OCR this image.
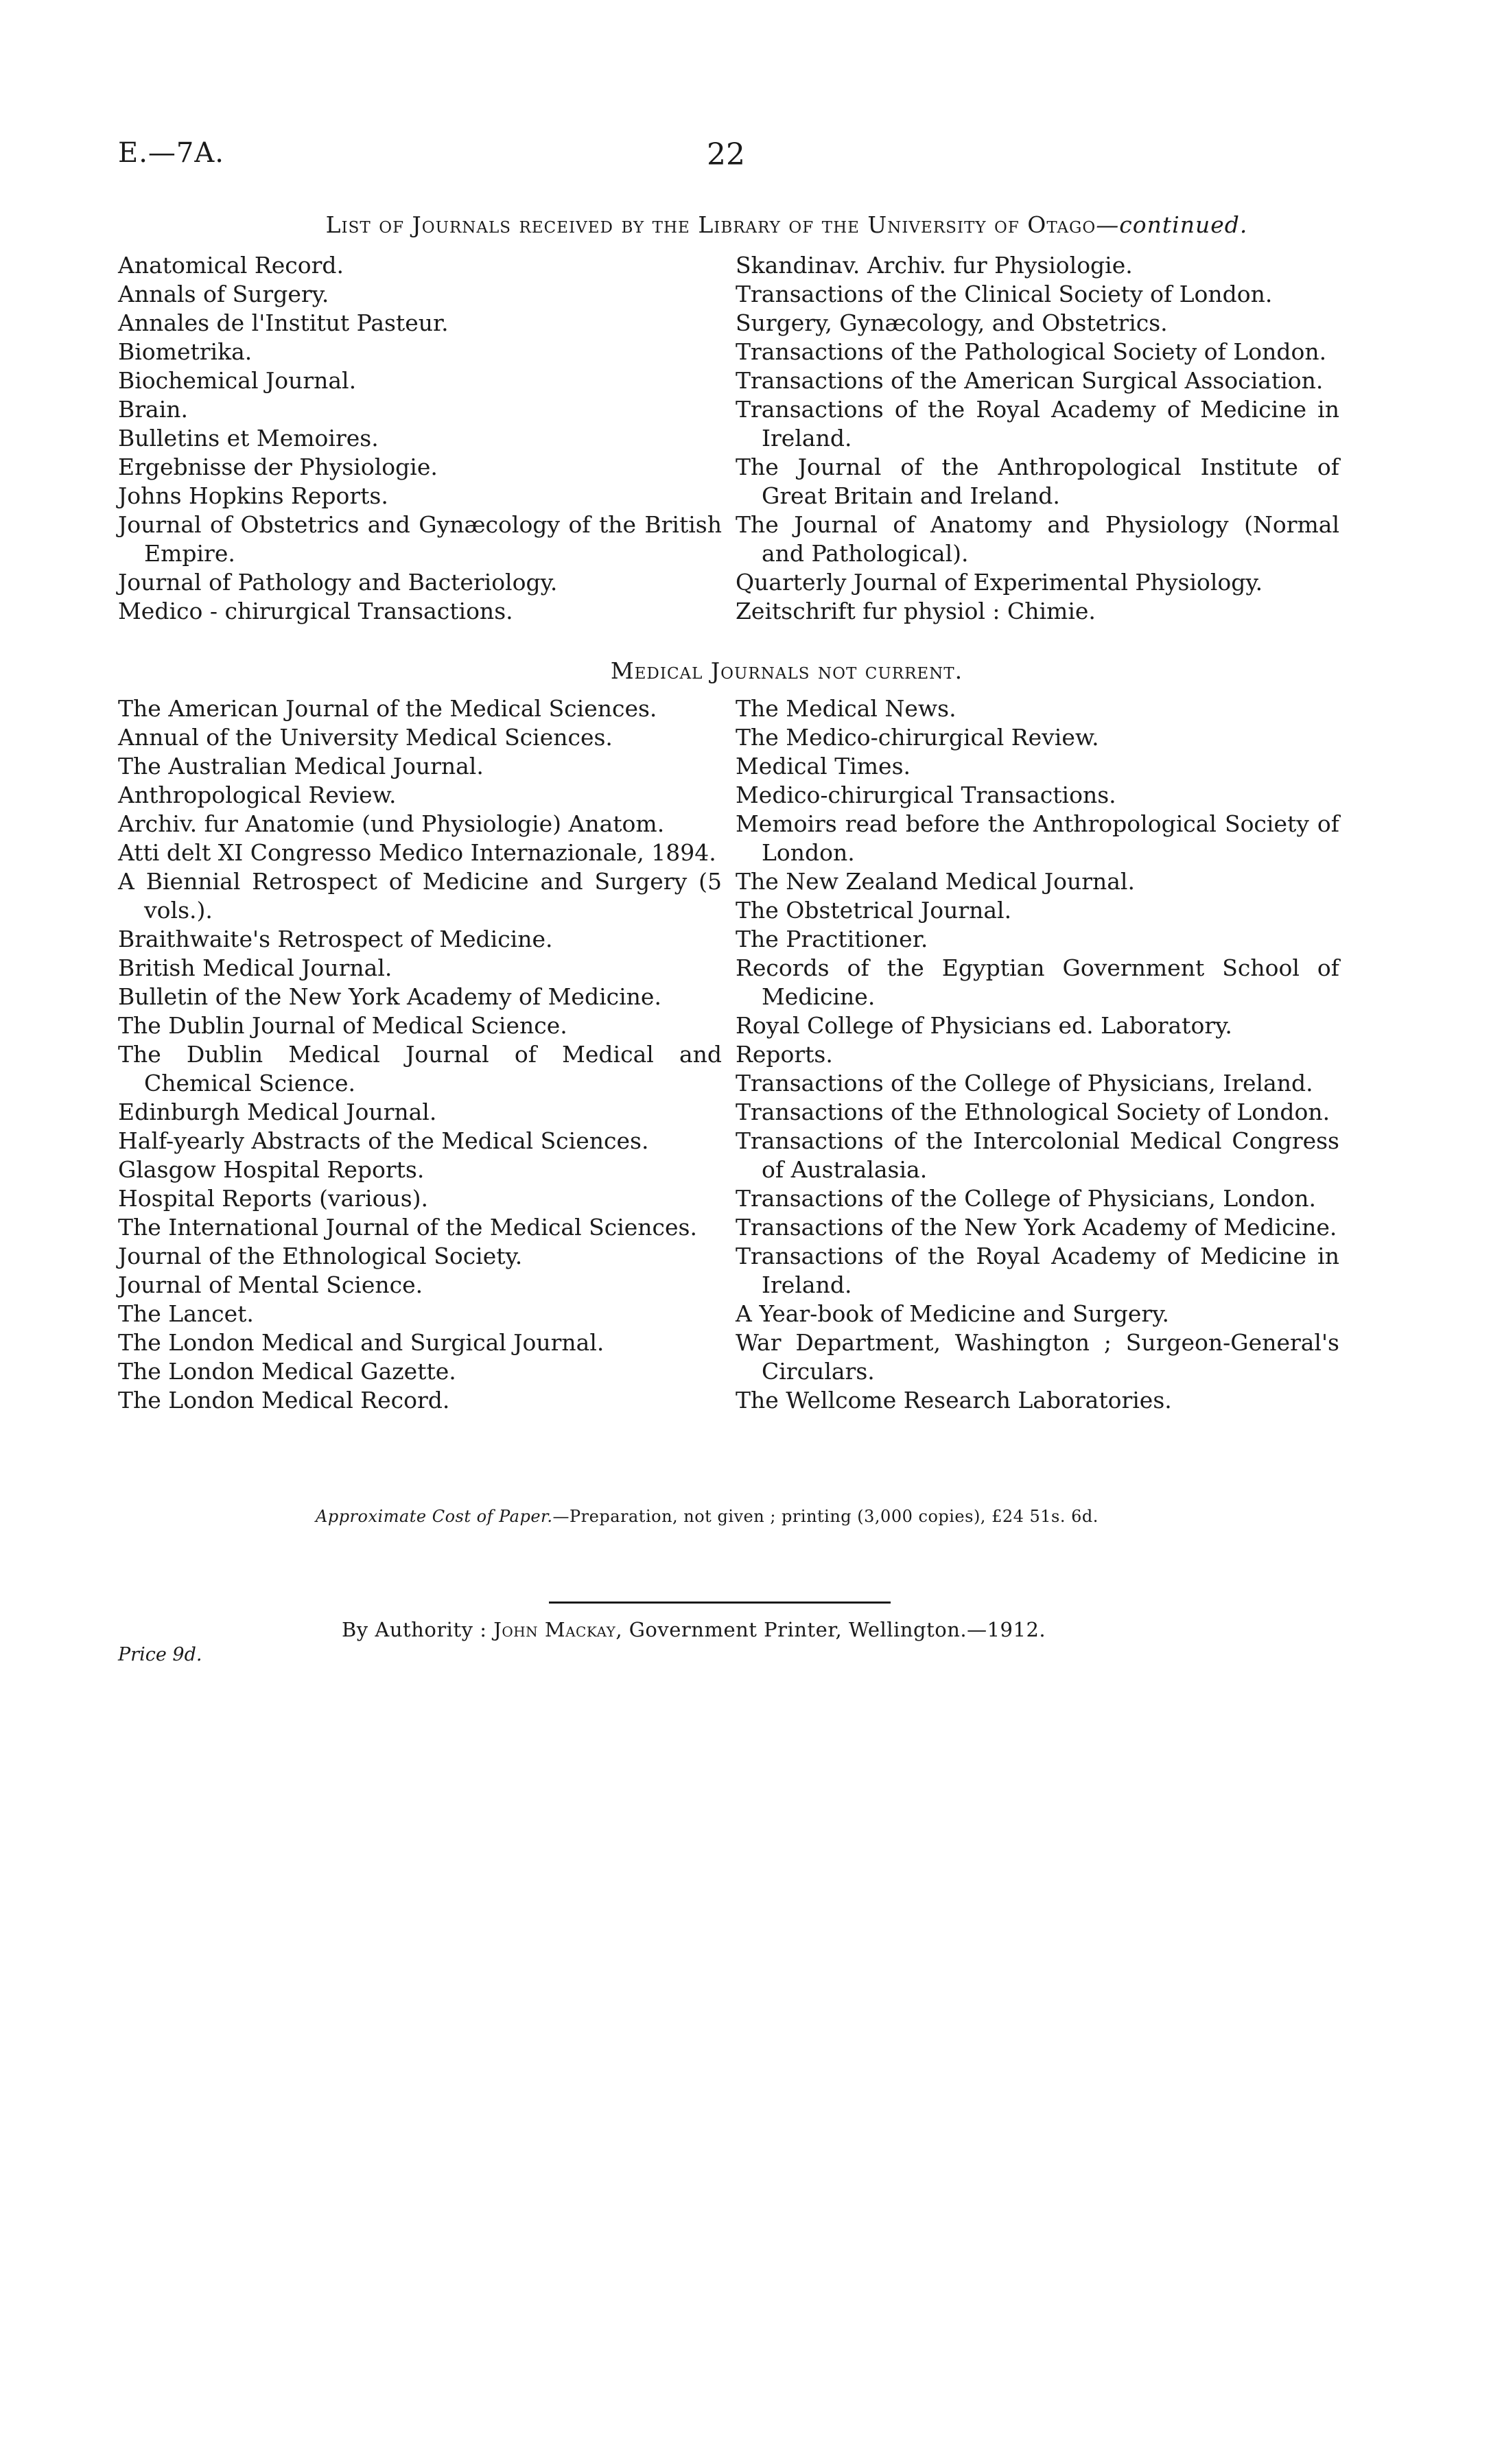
E.—7A.	22
List of Journals received by the Library of the University of Otago—continued.
Anatomical Record.
Annals of Surgery.
Annales de l'Institut Pasteur.
Biometrika.
Biochemical Journal.
Brain.
Bulletins et Memoires.
Ergebnisse der Physiologie.
Johns Hopkins Reports.
Journal of Obstetrics and Gynæcology of the British Empire.
Journal of Pathology and Bacteriology.
Medico - chirurgical Transactions.
Skandinav. Archiv. fur Physiologie.
Transactions of the Clinical Society of London.
Surgery, Gynæcology, and Obstetrics.
Transactions of the Pathological Society of London.
Transactions of the American Surgical Association.
Transactions of the Royal Academy of Medicine in Ireland.
The Journal of the Anthropological Institute of Great Britain and Ireland.
The Journal of Anatomy and Physiology (Normal and Pathological).
Quarterly Journal of Experimental Physiology.
Zeitschrift fur physiol : Chimie.
Medical Journals not current.
The American Journal of the Medical Sciences.
Annual of the University Medical Sciences.
The Australian Medical Journal.
Anthropological Review.
Archiv. fur Anatomie (und Physiologie) Anatom.
Atti delt XI Congresso Medico Internazionale, 1894.
A Biennial Retrospect of Medicine and Surgery (5 vols.).
Braithwaite's Retrospect of Medicine.
British Medical Journal.
Bulletin of the New York Academy of Medicine.
The Dublin Journal of Medical Science.
The Dublin Medical Journal of Medical and Chemical Science.
Edinburgh Medical Journal.
Half-yearly Abstracts of the Medical Sciences.
Glasgow Hospital Reports.
Hospital Reports (various).
The International Journal of the Medical Sciences.
Journal of the Ethnological Society.
Journal of Mental Science.
The Lancet.
The London Medical and Surgical Journal.
The London Medical Gazette.
The London Medical Record.
The Medical News.
The Medico-chirurgical Review.
Medical Times.
Medico-chirurgical Transactions.
Memoirs read before the Anthropological Society of London.
The New Zealand Medical Journal.
The Obstetrical Journal.
The Practitioner.
Records of the Egyptian Government School of Medicine.
Royal College of Physicians ed. Laboratory.
Reports.
Transactions of the College of Physicians, Ireland.
Transactions of the Ethnological Society of London.
Transactions of the Intercolonial Medical Congress of Australasia.
Transactions of the College of Physicians, London.
Transactions of the New York Academy of Medicine.
Transactions of the Royal Academy of Medicine in Ireland.
A Year-book of Medicine and Surgery.
War Department, Washington ; Surgeon-General's Circulars.
The Wellcome Research Laboratories.
Approximate Cost of Paper.—Preparation, not given ; printing (3,000 copies), £24 51s. 6d.
By Authority : John Mackay, Government Printer, Wellington.—1912.
Price 9d.
